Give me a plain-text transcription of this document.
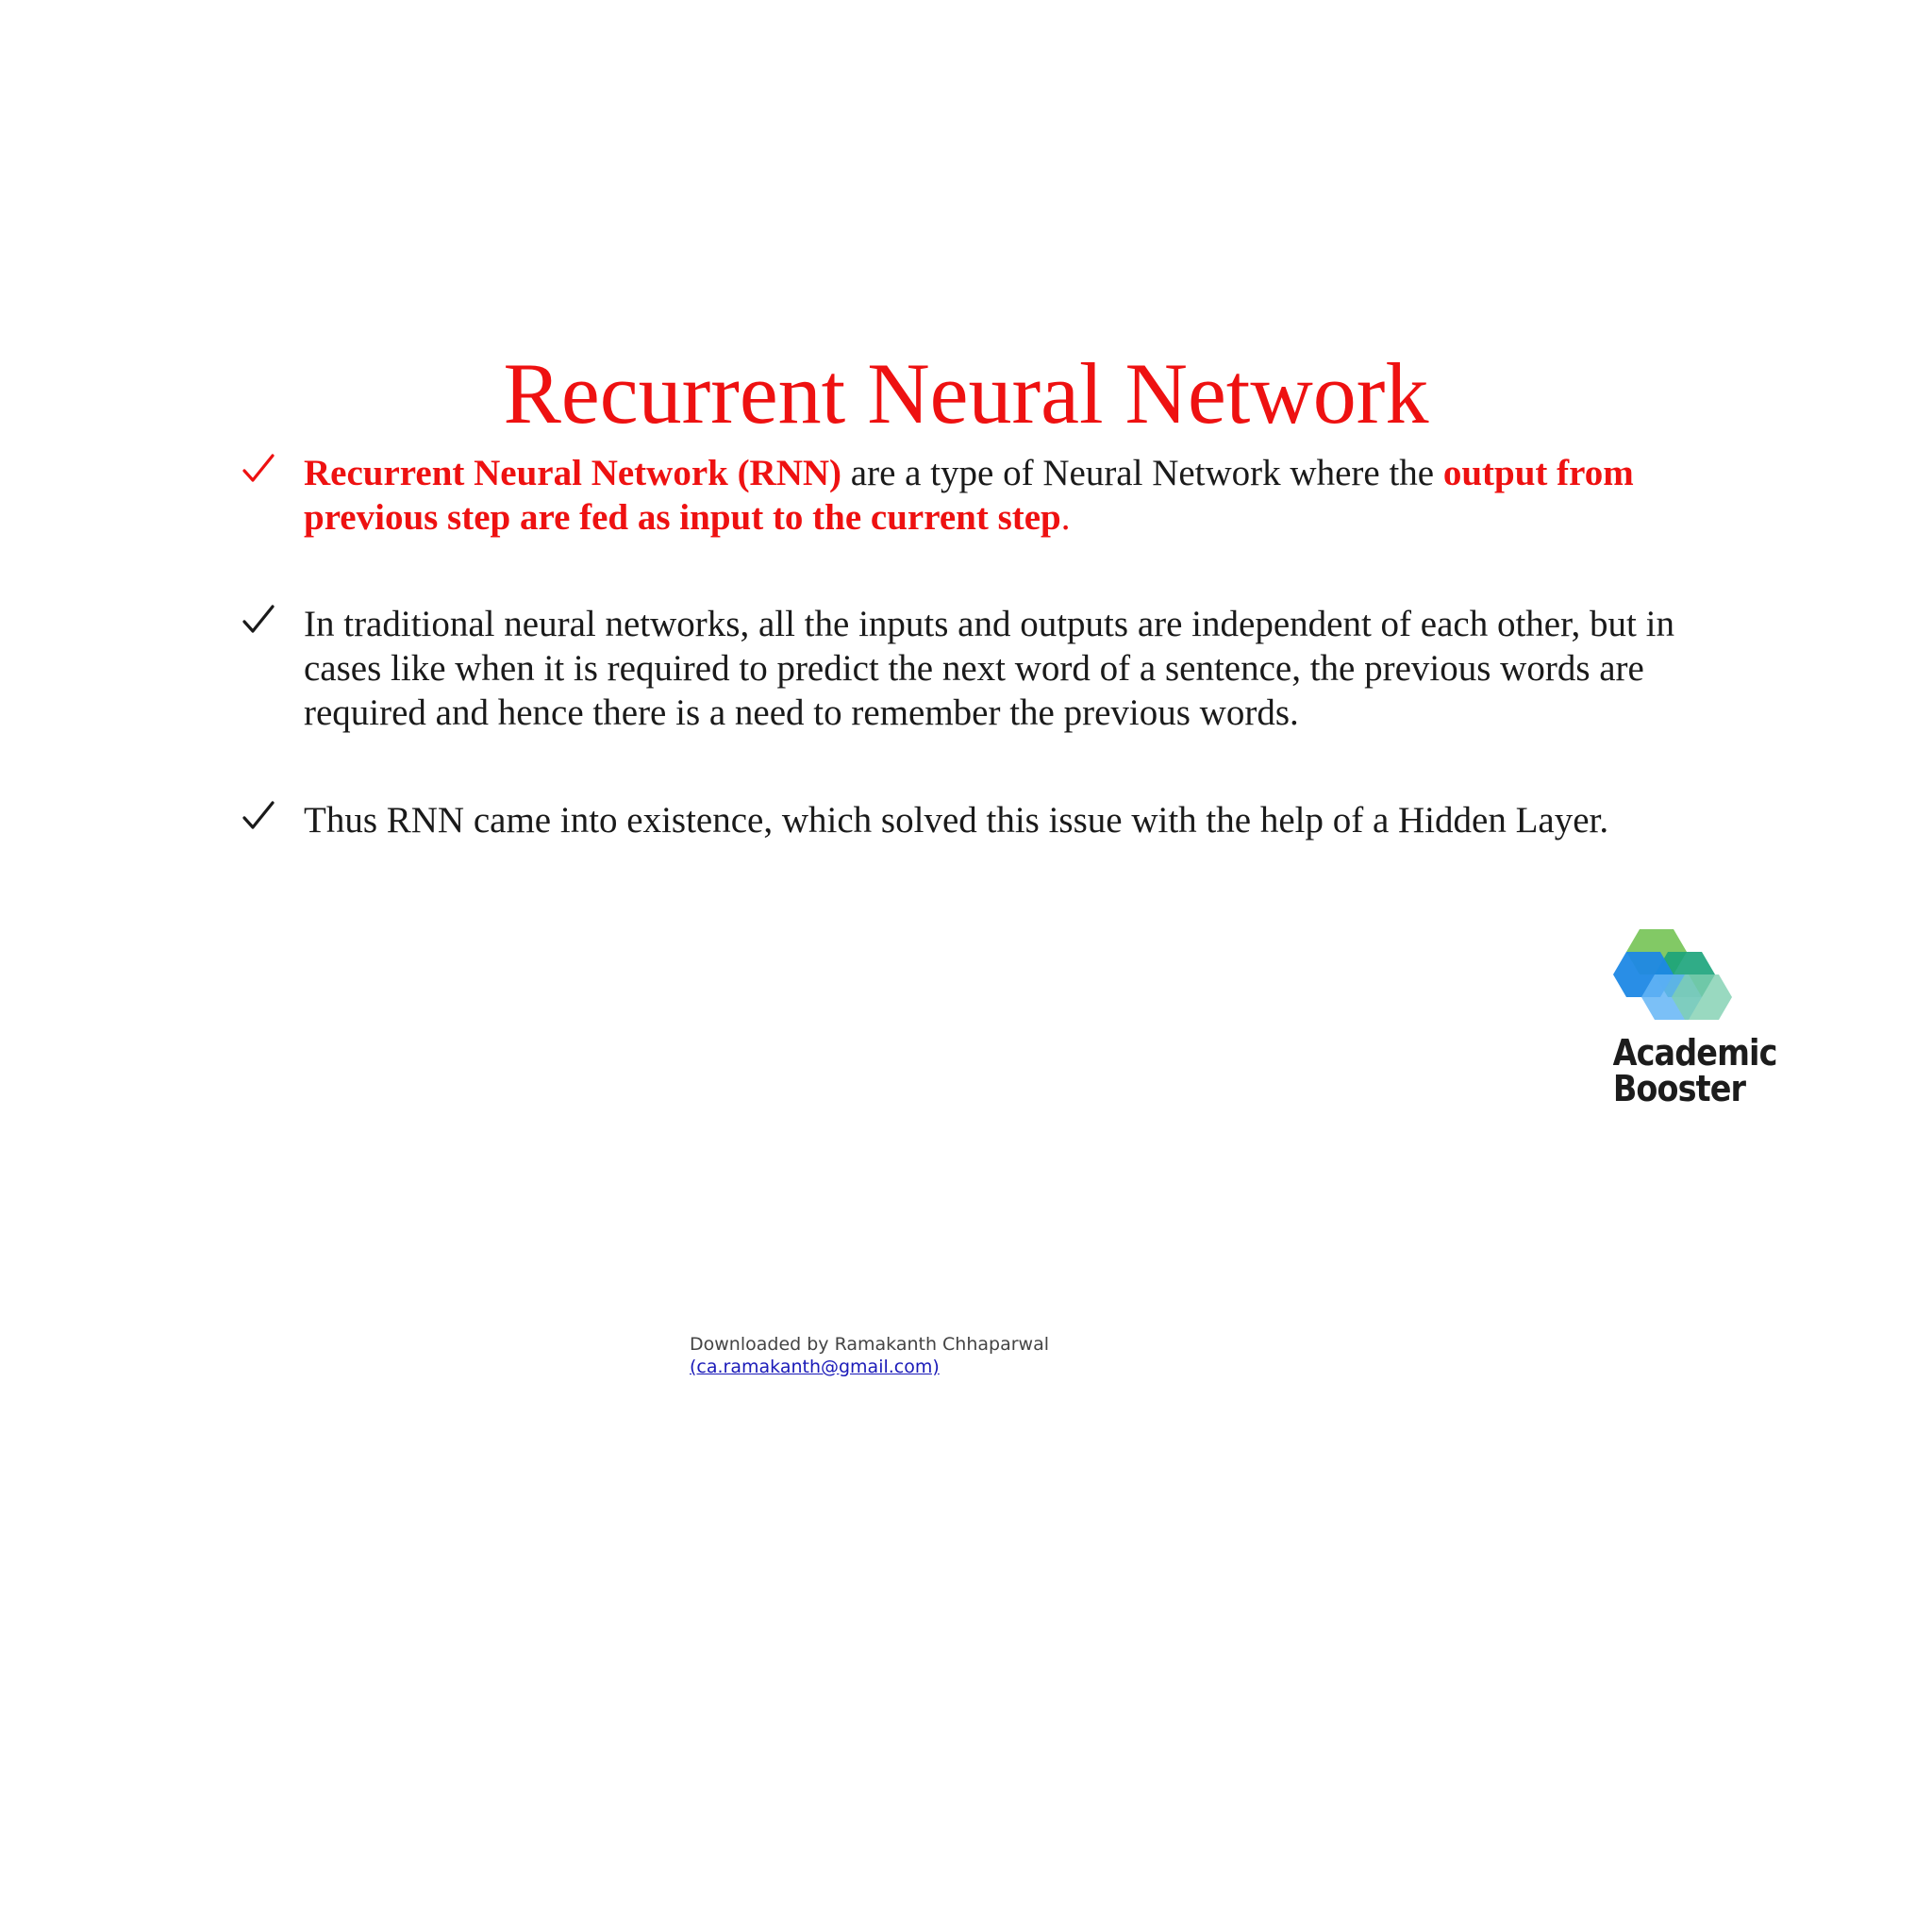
Recurrent Neural Network
Recurrent Neural Network (RNN) are a type of Neural Network where the output from previous step are fed as input to the current step.
In traditional neural networks, all the inputs and outputs are independent of each other, but in cases like when it is required to predict the next word of a sentence, the previous words are required and hence there is a need to remember the previous words.
Thus RNN came into existence, which solved this issue with the help of a Hidden Layer.
Academic
Booster
Downloaded by Ramakanth Chhaparwal
(ca.ramakanth@gmail.com)
